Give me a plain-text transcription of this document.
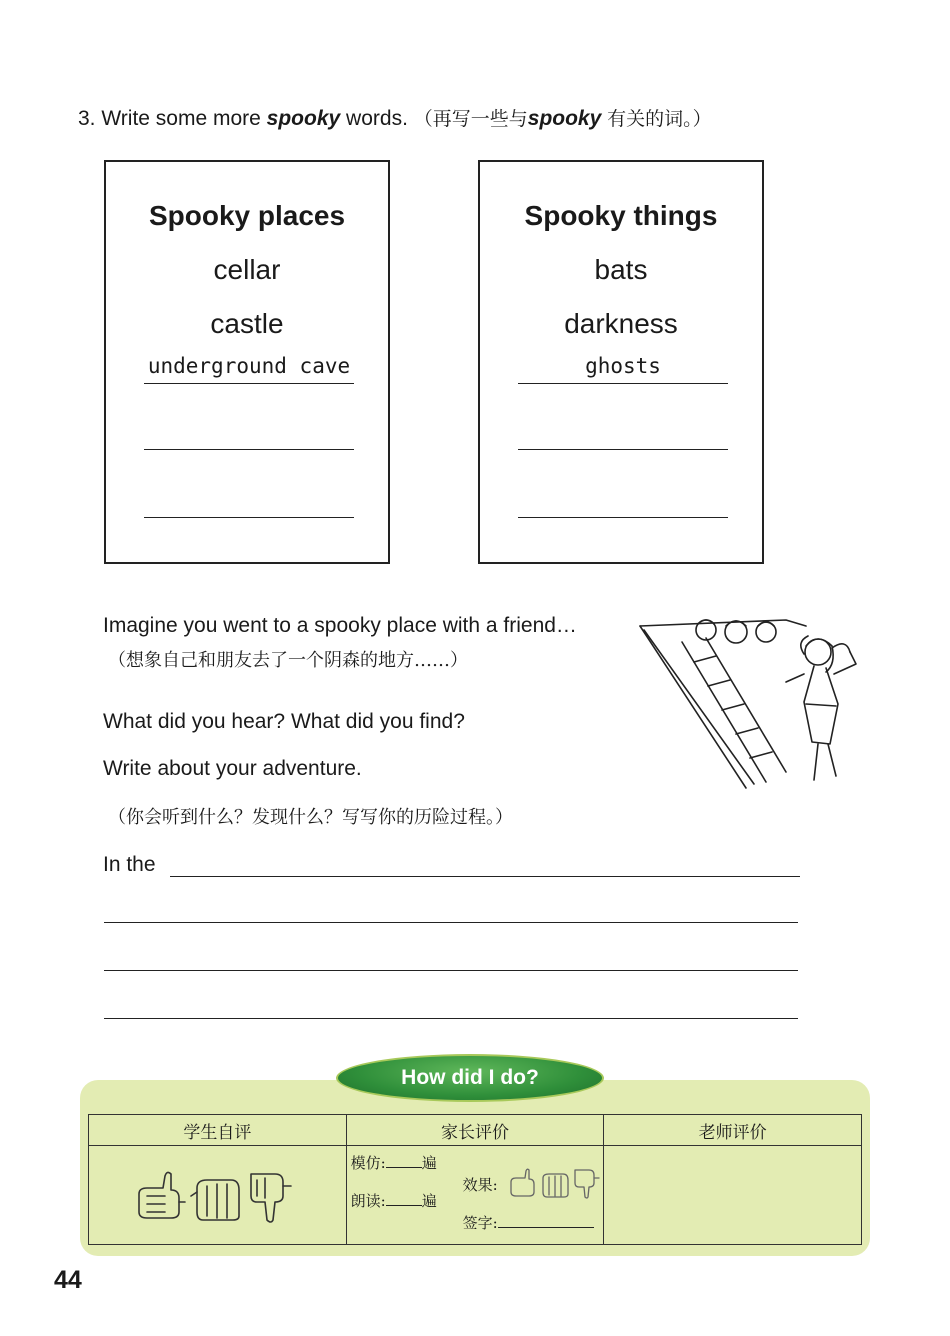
3. Write some more spooky words. （再写一些与spooky 有关的词。）
Spooky places
cellar
castle
underground cave
Spooky things
bats
darkness
ghosts
Imagine you went to a spooky place with a friend…
（想象自己和朋友去了一个阴森的地方……）
What did you hear? What did you find?
Write about your adventure.
（你会听到什么？发现什么？写写你的历险过程。）
In the
How did I do?
学生自评	家长评价	老师评价

模仿: 遍
朗读: 遍
效果:
签字:	

44
